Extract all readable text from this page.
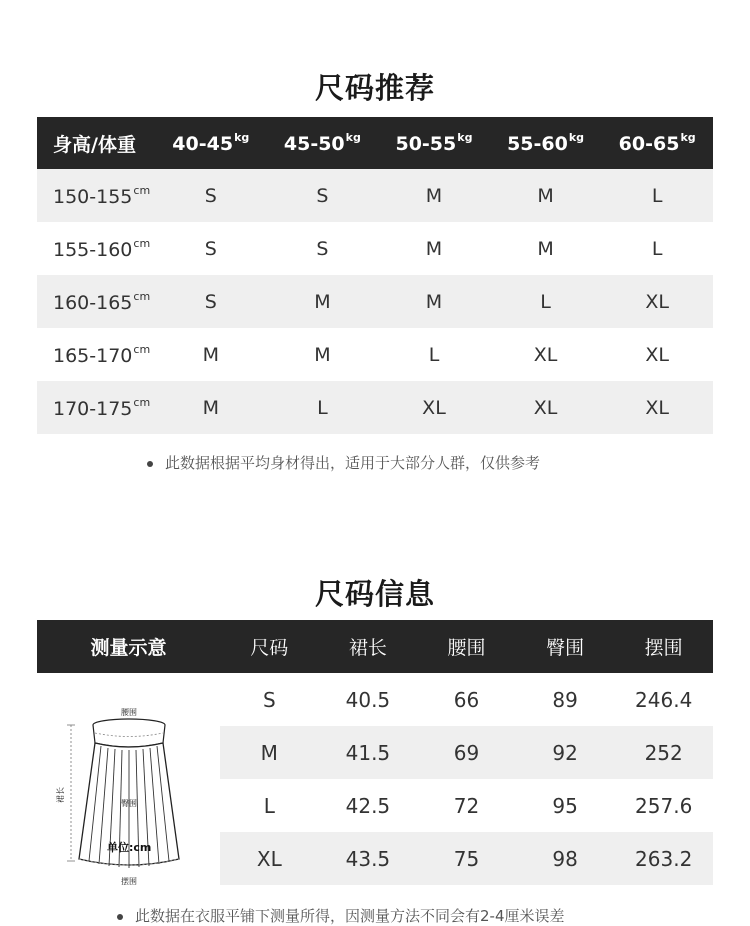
尺码推荐
身高/体重	$40-45^{kg}$	$45-50^{kg}$	$50-55^{kg}$	$55-60^{kg}$	$60-65^{kg}$
$150-155^{cm}$	S	S	M	M	L
$155-160^{cm}$	S	S	M	M	L
$160-165^{cm}$	S	M	M	L	XL
$165-170^{cm}$	M	M	L	XL	XL
$170-175^{cm}$	M	L	XL	XL	XL
此数据根据平均身材得出，适用于大部分人群，仅供参考
尺码信息
测量示意	尺码	裙长	腰围	臀围	摆围
腰围
臀围
裙长
摆围
单位:cm
S	40.5	66	89	246.4
M	41.5	69	92	252
L	42.5	72	95	257.6
XL	43.5	75	98	263.2
此数据在衣服平铺下测量所得，因测量方法不同会有2-4厘米误差
